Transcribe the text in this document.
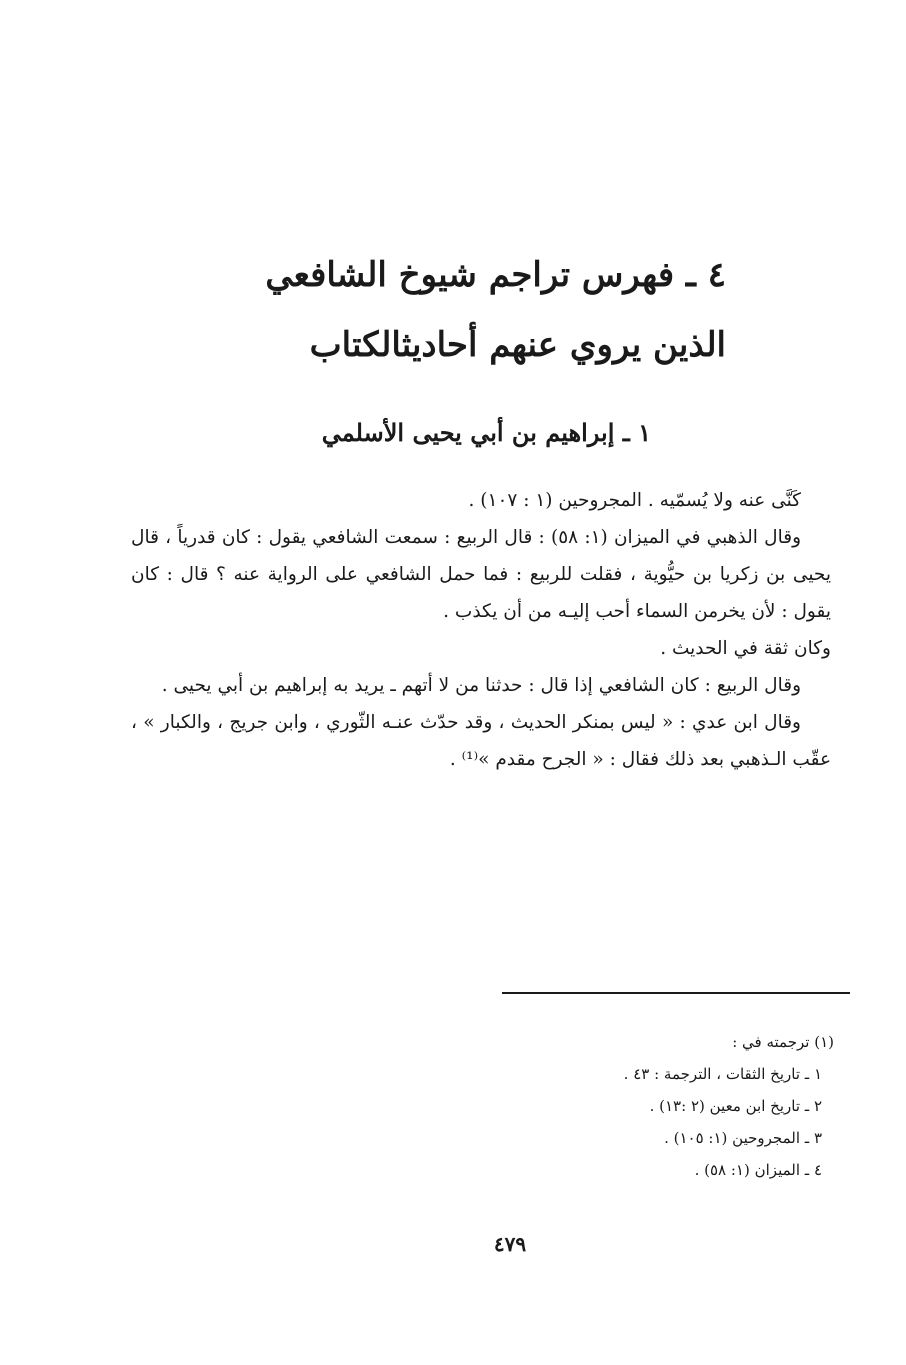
٤ ـ فهرس تراجم شيوخ الشافعي
الذين يروي عنهم أحاديثالكتاب
١ ـ إبراهيم بن أبي يحيى الأسلمي

كَنَّى عنه ولا يُسمّيه . المجروحين (١ : ١٠٧) .

وقال الذهبي في الميزان (١: ٥٨) : قال الربيع : سمعت الشافعي يقول : كان قدرياً ، قال يحيى بن زكريا بن حيُّوية ، فقلت للربيع : فما حمل الشافعي على الرواية عنه ؟ قال : كان يقول : لأن يخرمن السماء أحب إليـه من أن يكذب .

وكان ثقة في الحديث .

وقال الربيع : كان الشافعي إذا قال : حدثنا من لا أتهم ـ يريد به إبراهيم بن أبي يحيى .

وقال ابن عدي : « ليس بمنكر الحديث ، وقد حدّث عنـه الثّوري ، وابن جريج ، والكبار » ، عقّب الـذهبي بعد ذلك فقال : « الجرح مقدم »⁽¹⁾ .

(١) ترجمته في :
١ ـ تاريخ الثقات ، الترجمة : ٤٣ .
٢ ـ تاريخ ابن معين (٢ :١٣) .
٣ ـ المجروحين (١: ١٠٥) .
٤ ـ الميزان (١: ٥٨) .
٤٧٩
